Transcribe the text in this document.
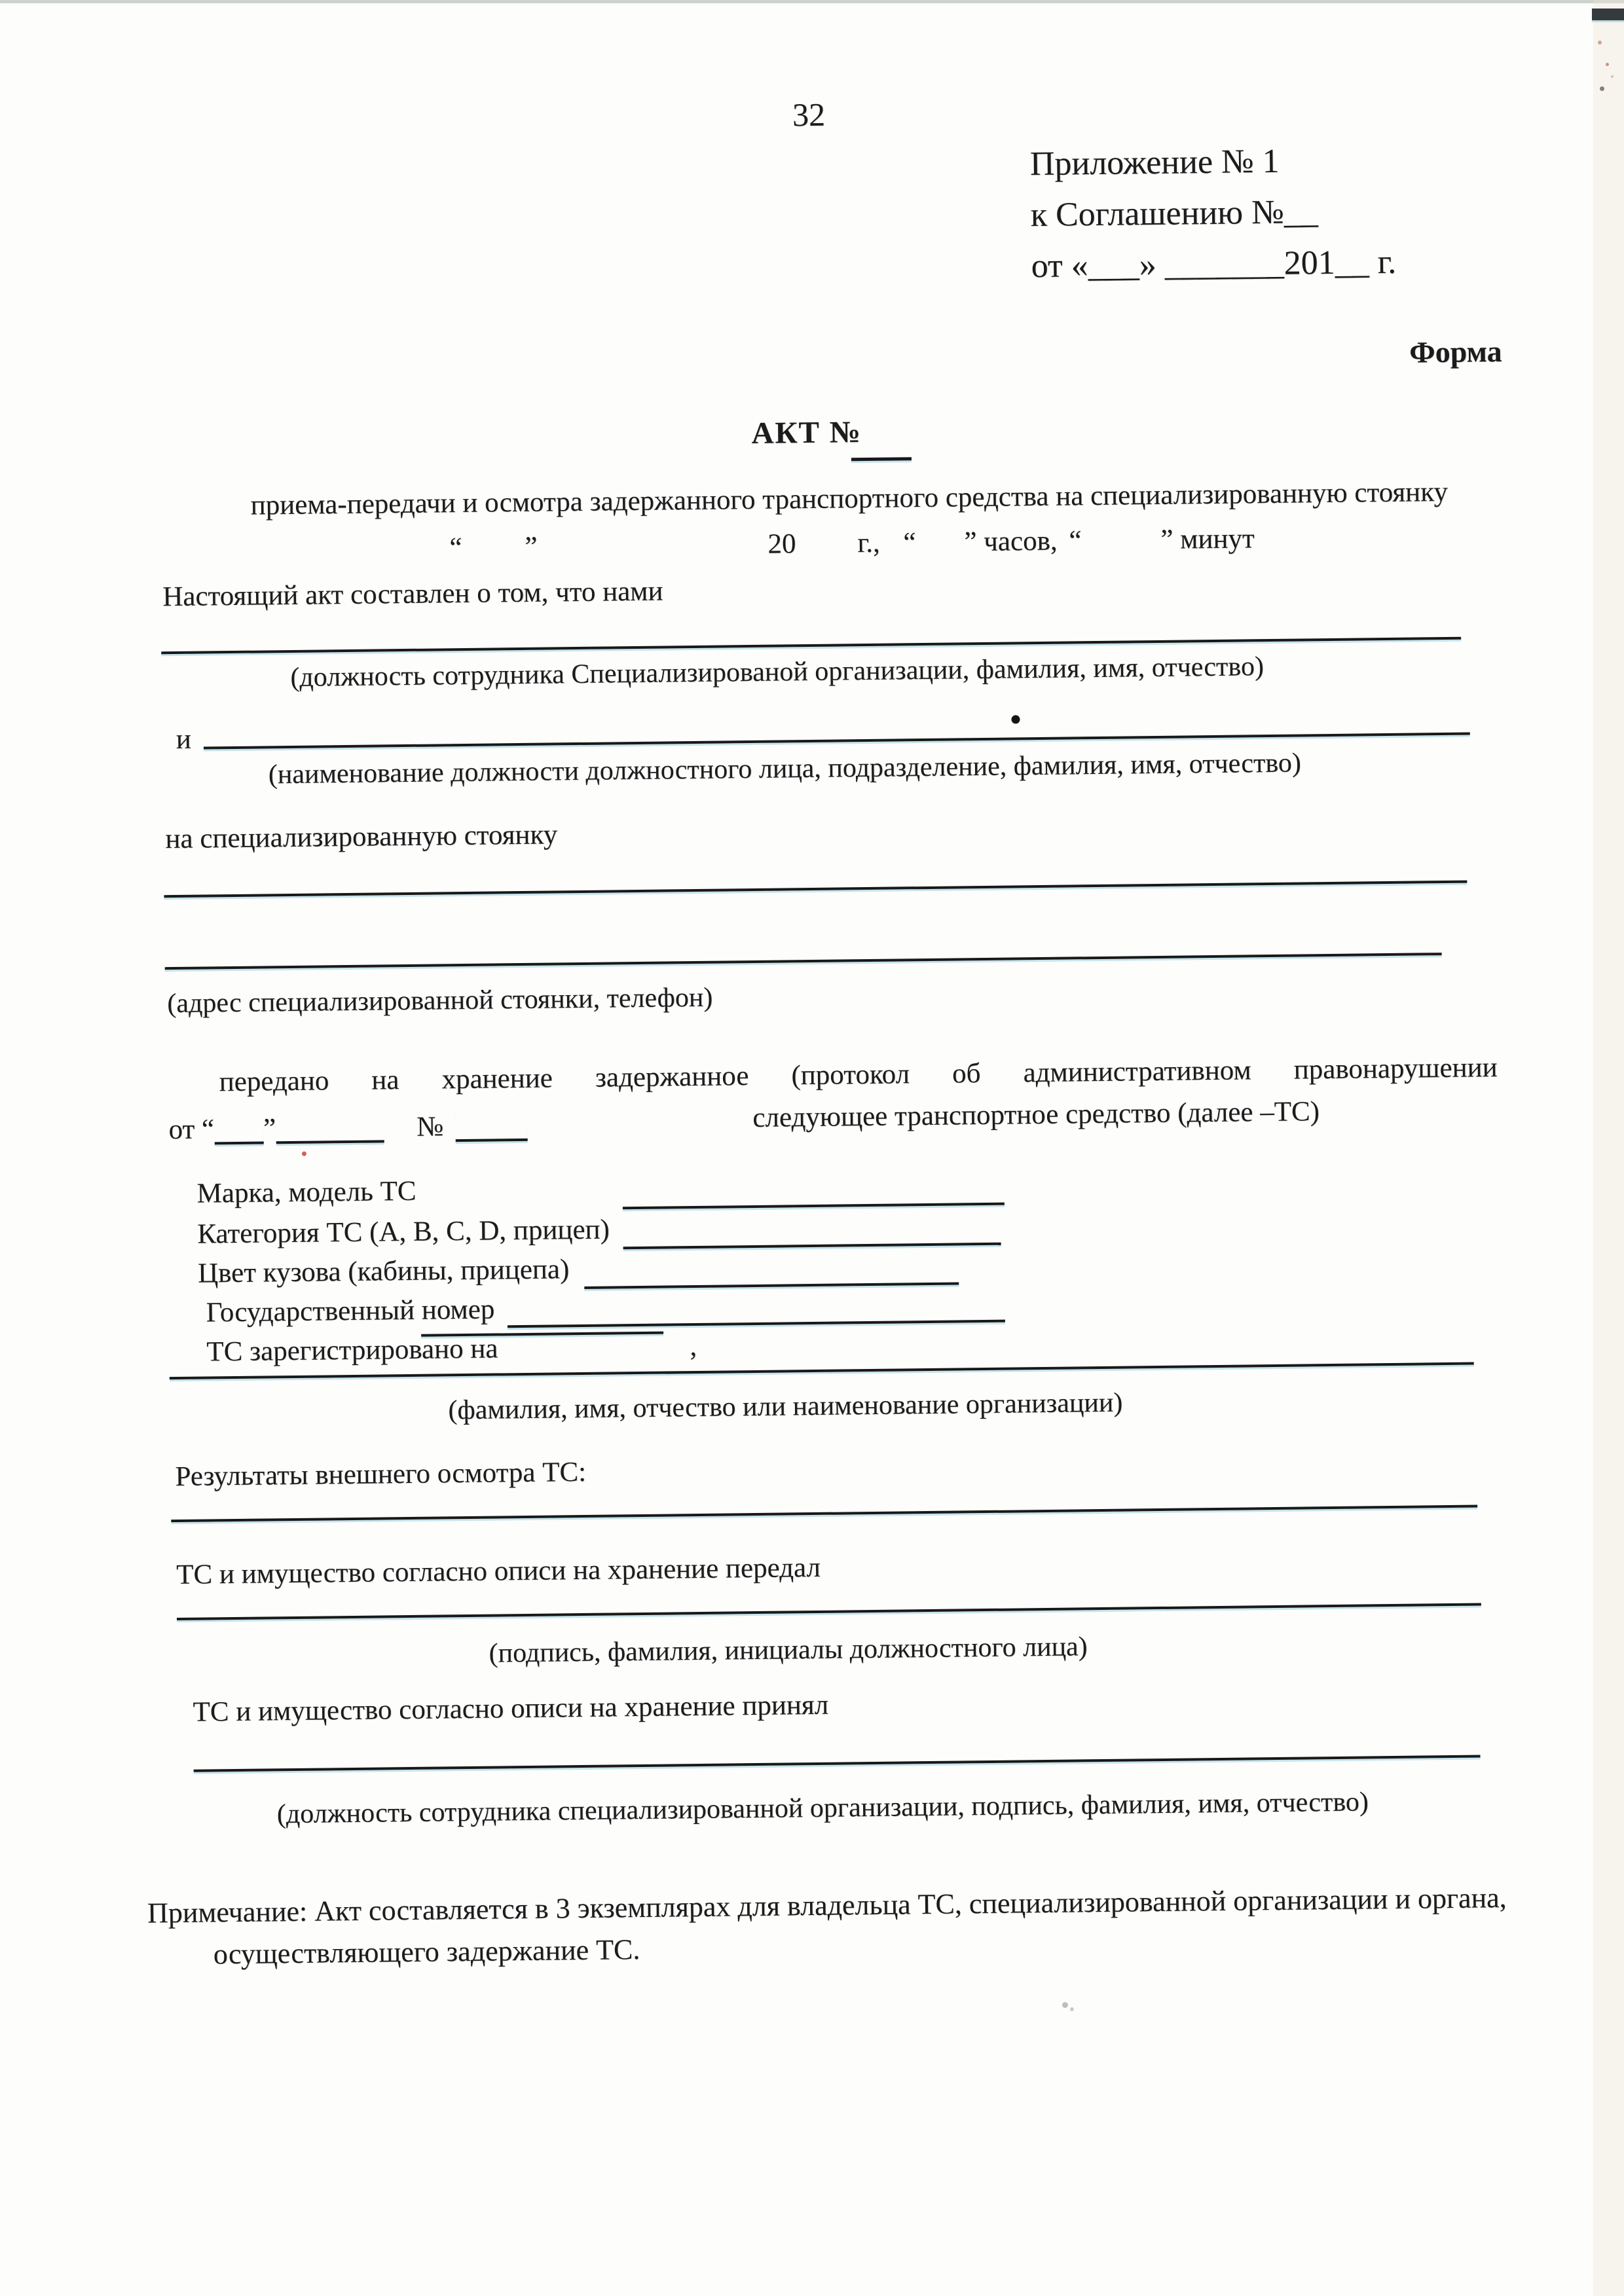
32
Приложение № 1
к Соглашению №__
от «___» _______201__ г.
Форма
АКТ №
приема-передачи и осмотра задержанного транспортного средства на специализированную стоянку
“ ”	20 г., “ ” часов, “	” минут
Настоящий акт составлен о том, что нами
(должность сотрудника Специализированой организации, фамилия, имя, отчество)
и
(наименование должности должностного лица, подразделение, фамилия, имя, отчество)
на специализированную стоянку
(адрес специализированной стоянки, телефон)
передано на хранение задержанное (протокол об административном правонарушении
от “ ”	№	следующее транспортное средство (далее –ТС)
Марка, модель ТС
Категория ТС (А, В, С, D, прицеп)
Цвет кузова (кабины, прицепа)
Государственный номер
ТС зарегистрировано на	,
(фамилия, имя, отчество или наименование организации)
Результаты внешнего осмотра ТС:
ТС и имущество согласно описи на хранение передал
(подпись, фамилия, инициалы должностного лица)
ТС и имущество согласно описи на хранение принял
(должность сотрудника специализированной организации, подпись, фамилия, имя, отчество)
Примечание: Акт составляется в 3 экземплярах для владельца ТС, специализированной организации и органа,
осуществляющего задержание ТС.
